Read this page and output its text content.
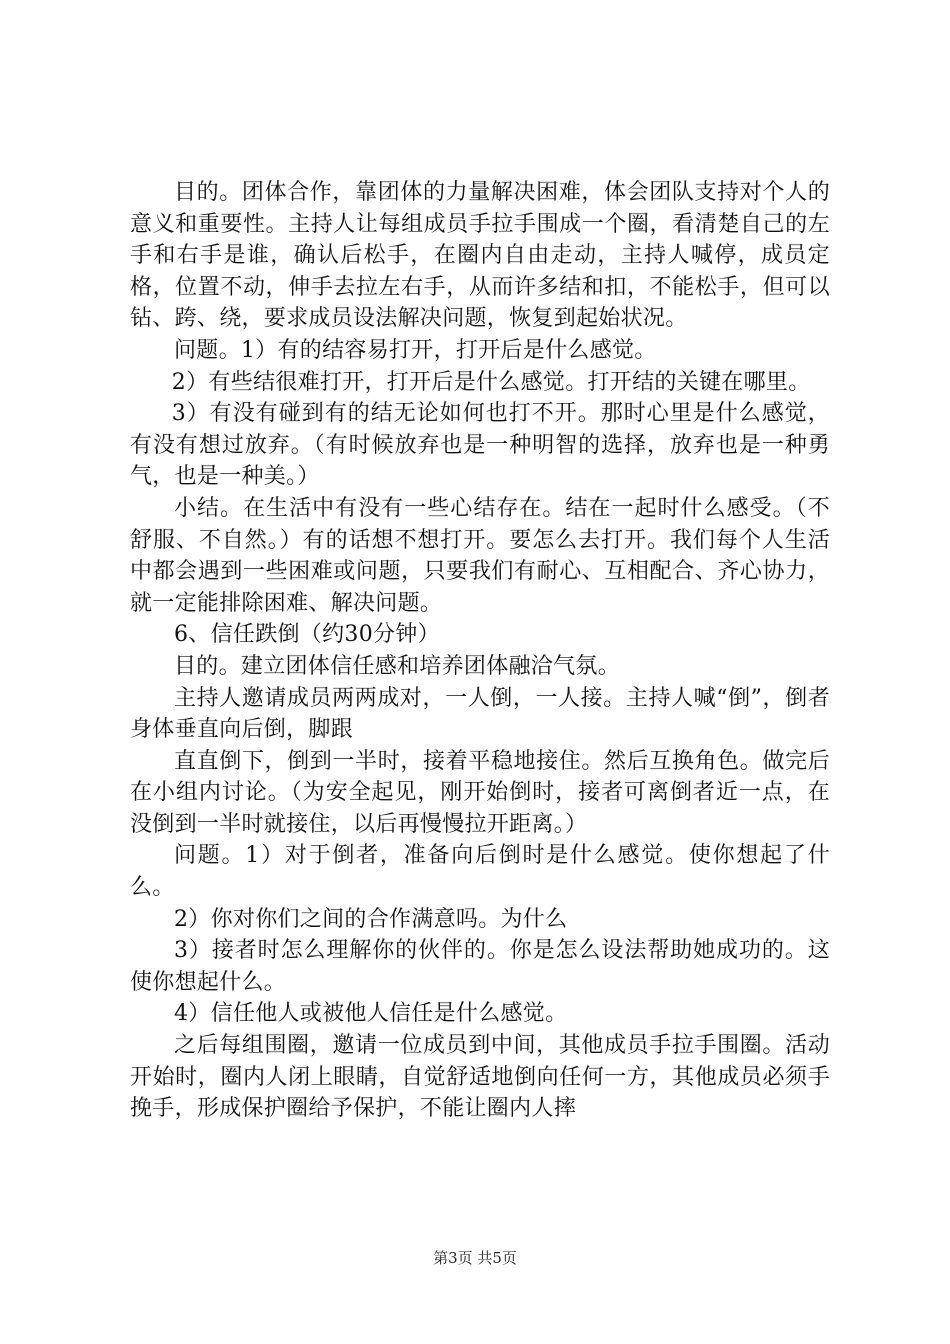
目的。团体合作，靠团体的力量解决困难，体会团队支持对个人的意义和重要性。主持人让每组成员手拉手围成一个圈，看清楚自己的左手和右手是谁，确认后松手，在圈内自由走动，主持人喊停，成员定格，位置不动，伸手去拉左右手，从而许多结和扣，不能松手，但可以钻、跨、绕，要求成员设法解决问题，恢复到起始状况。

问题。1）有的结容易打开，打开后是什么感觉。

2）有些结很难打开，打开后是什么感觉。打开结的关键在哪里。

3）有没有碰到有的结无论如何也打不开。那时心里是什么感觉，有没有想过放弃。（有时候放弃也是一种明智的选择，放弃也是一种勇气，也是一种美。）

小结。在生活中有没有一些心结存在。结在一起时什么感受。（不舒服、不自然。）有的话想不想打开。要怎么去打开。我们每个人生活中都会遇到一些困难或问题，只要我们有耐心、互相配合、齐心协力，就一定能排除困难、解决问题。

6、信任跌倒（约30分钟）

目的。建立团体信任感和培养团体融洽气氛。

主持人邀请成员两两成对，一人倒，一人接。主持人喊“倒”，倒者身体垂直向后倒，脚跟

直直倒下，倒到一半时，接着平稳地接住。然后互换角色。做完后在小组内讨论。（为安全起见，刚开始倒时，接者可离倒者近一点，在没倒到一半时就接住，以后再慢慢拉开距离。）

问题。1）对于倒者，准备向后倒时是什么感觉。使你想起了什么。

2）你对你们之间的合作满意吗。为什么

3）接者时怎么理解你的伙伴的。你是怎么设法帮助她成功的。这使你想起什么。

4）信任他人或被他人信任是什么感觉。

之后每组围圈，邀请一位成员到中间，其他成员手拉手围圈。活动开始时，圈内人闭上眼睛，自觉舒适地倒向任何一方，其他成员必须手挽手，形成保护圈给予保护，不能让圈内人摔

第3页 共5页
